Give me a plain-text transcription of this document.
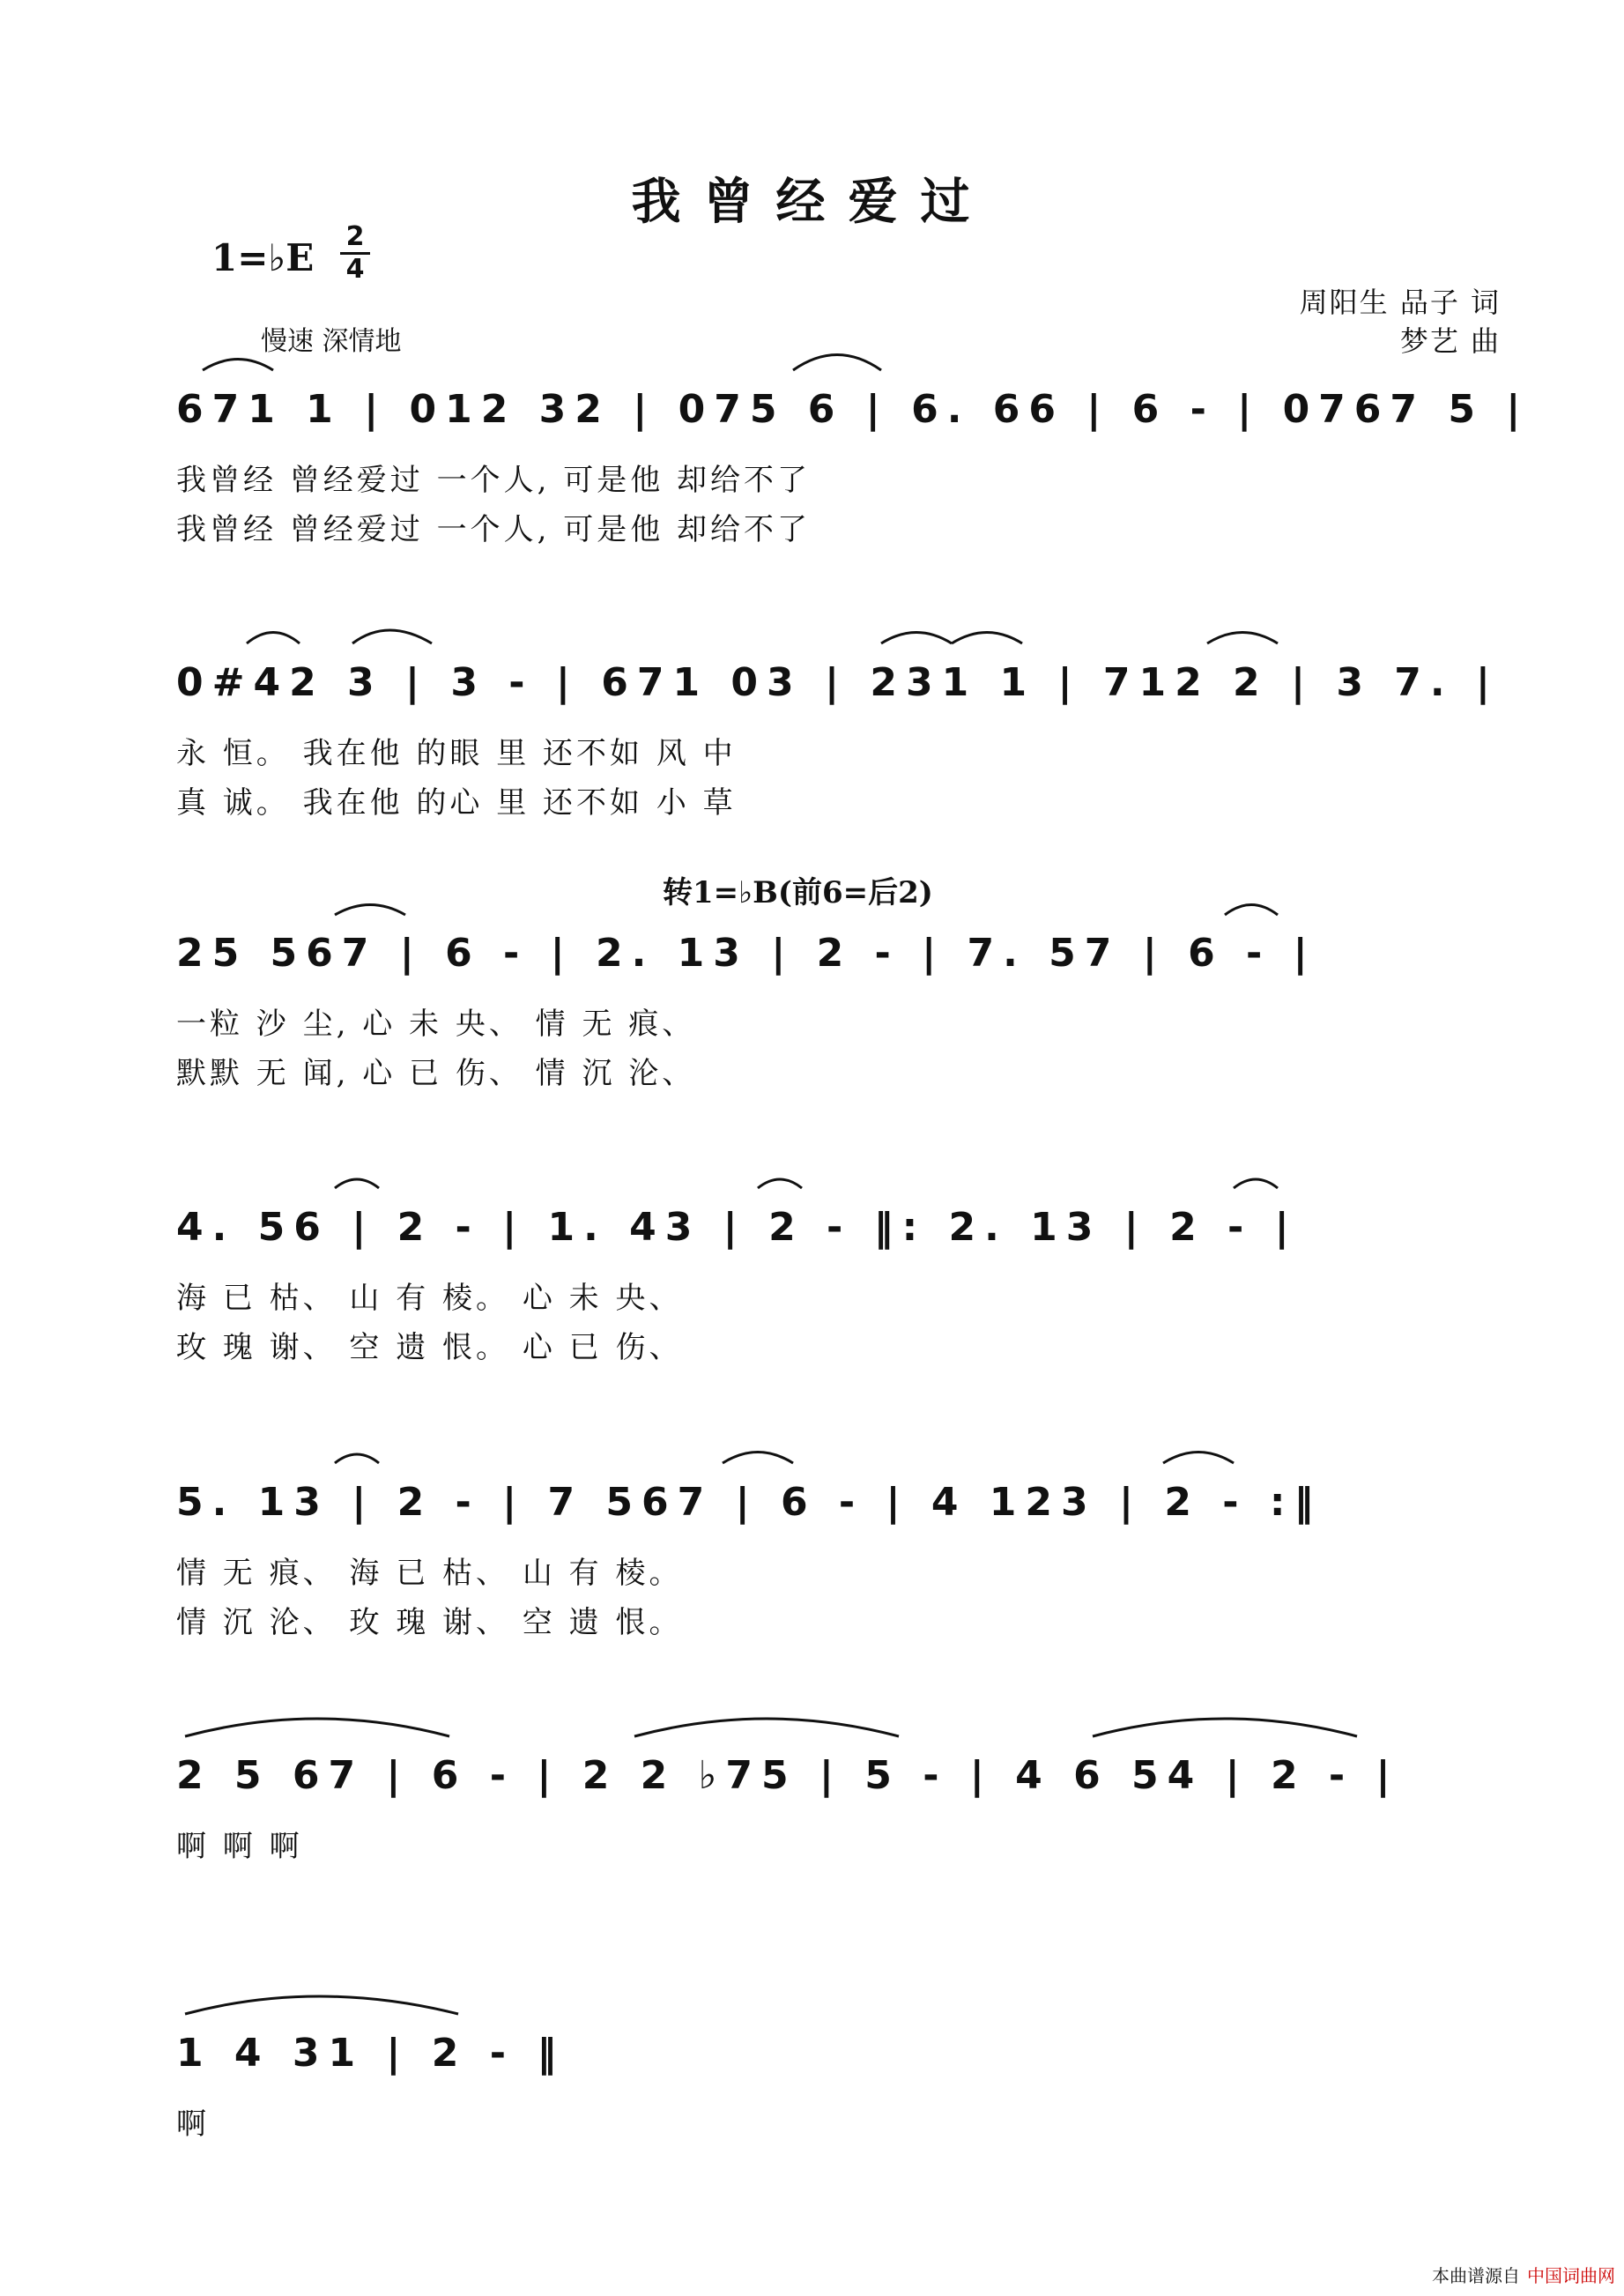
我曾经爱过
1=♭E 2
4
周阳生 品子 词
梦艺 曲
慢速 深情地
671 1 | 012 32 | 075 6 | 6. 66 | 6 - | 0767 5 |
我曾经 曾经爱过 一个人, 可是他 却给不了
我曾经 曾经爱过 一个人, 可是他 却给不了
0#42 3 | 3 - | 671 03 | 231 1 | 712 2 | 3 7. |
永 恒。 我在他 的眼 里 还不如 风 中
真 诚。 我在他 的心 里 还不如 小 草
转1=♭B(前6=后2)
25 567 | 6 - | 2. 13 | 2 - | 7. 57 | 6 - |
一粒 沙 尘, 心 未 央、 情 无 痕、
默默 无 闻, 心 已 伤、 情 沉 沦、
4. 56 | 2 - | 1. 43 | 2 - ‖: 2. 13 | 2 - |
海 已 枯、 山 有 棱。 心 未 央、
玫 瑰 谢、 空 遗 恨。 心 已 伤、
5. 13 | 2 - | 7 567 | 6 - | 4 123 | 2 - :‖
情 无 痕、 海 已 枯、 山 有 棱。
情 沉 沦、 玫 瑰 谢、 空 遗 恨。
2 5 67 | 6 - | 2 2 ♭75 | 5 - | 4 6 54 | 2 - |
啊 啊 啊
1 4 31 | 2 - ‖
啊
本曲谱源自 中国词曲网
